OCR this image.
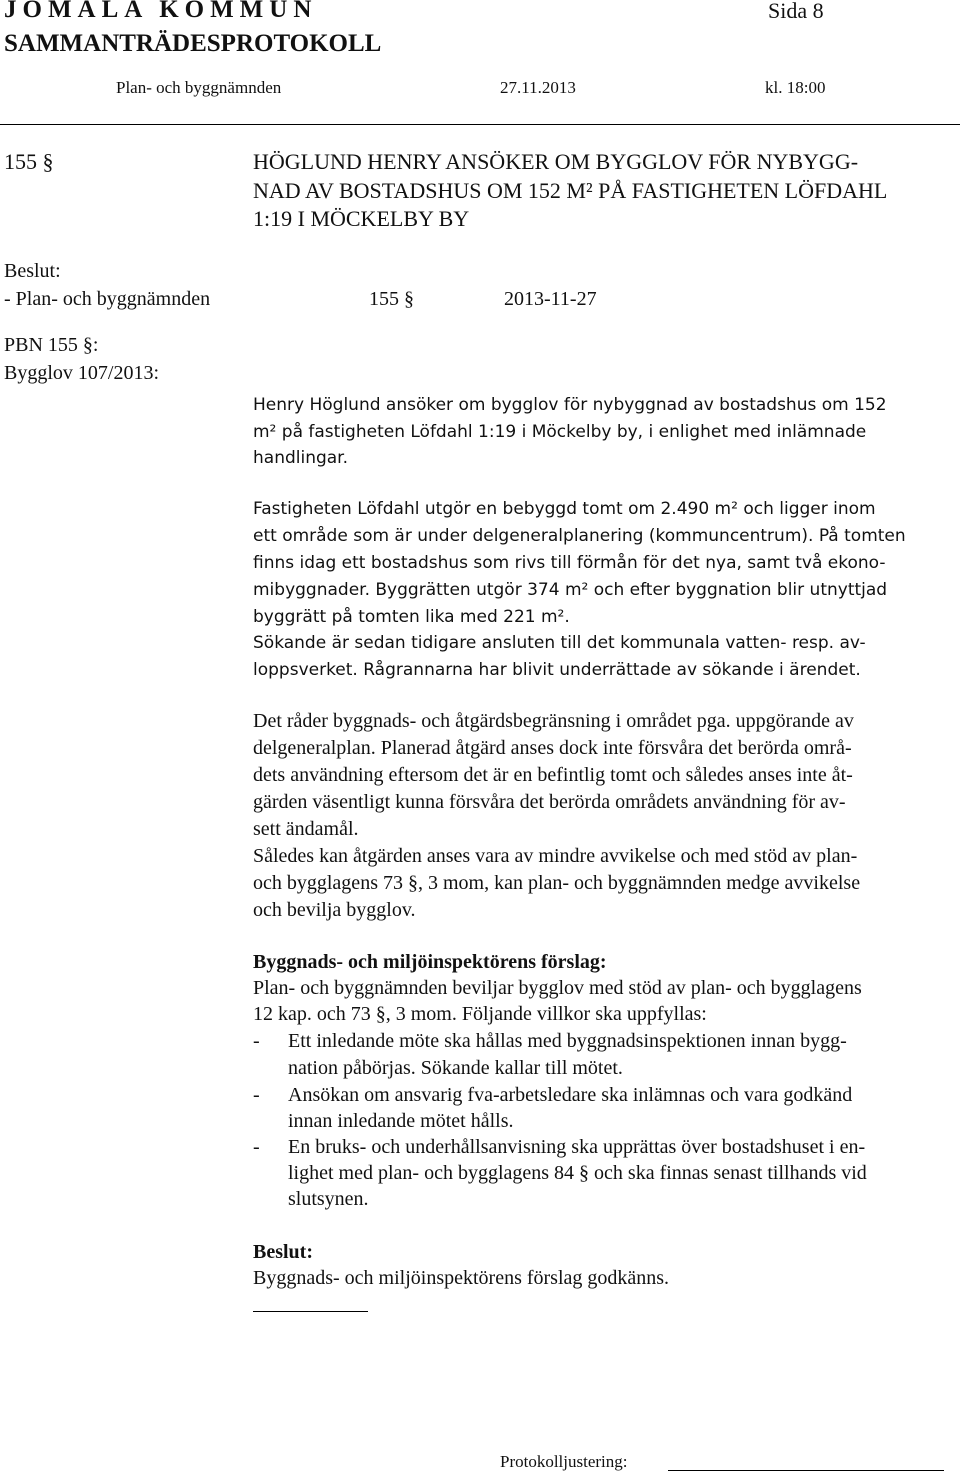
JOMALA KOMMUN
SAMMANTRÄDESPROTOKOLL
Sida 8
Plan- och byggnämnden	27.11.2013	kl. 18:00
155 §	HÖGLUND HENRY ANSÖKER OM BYGGLOV FÖR NYBYGG-
NAD AV BOSTADSHUS OM 152 M² PÅ FASTIGHETEN LÖFDAHL
1:19 I MÖCKELBY BY
Beslut:
- Plan- och byggnämnden	155 §	2013-11-27
PBN 155 §:
Bygglov 107/2013:
Henry Höglund ansöker om bygglov för nybyggnad av bostadshus om 152
m² på fastigheten Löfdahl 1:19 i Möckelby by, i enlighet med inlämnade
handlingar.
Fastigheten Löfdahl utgör en bebyggd tomt om 2.490 m² och ligger inom
ett område som är under delgeneralplanering (kommuncentrum). På tomten
finns idag ett bostadshus som rivs till förmån för det nya, samt två ekono-
mibyggnader. Byggrätten utgör 374 m² och efter byggnation blir utnyttjad
byggrätt på tomten lika med 221 m².
Sökande är sedan tidigare ansluten till det kommunala vatten- resp. av-
loppsverket. Rågrannarna har blivit underrättade av sökande i ärendet.
Det råder byggnads- och åtgärdsbegränsning i området pga. uppgörande av
delgeneralplan. Planerad åtgärd anses dock inte försvåra det berörda områ-
dets användning eftersom det är en befintlig tomt och således anses inte åt-
gärden väsentligt kunna försvåra det berörda områdets användning för av-
sett ändamål.
Således kan åtgärden anses vara av mindre avvikelse och med stöd av plan-
och bygglagens 73 §, 3 mom, kan plan- och byggnämnden medge avvikelse
och bevilja bygglov.
Byggnads- och miljöinspektörens förslag:
Plan- och byggnämnden beviljar bygglov med stöd av plan- och bygglagens
12 kap. och 73 §, 3 mom. Följande villkor ska uppfyllas:
- Ett inledande möte ska hållas med byggnadsinspektionen innan bygg-
nation påbörjas. Sökande kallar till mötet.
- Ansökan om ansvarig fva-arbetsledare ska inlämnas och vara godkänd
innan inledande mötet hålls.
- En bruks- och underhållsanvisning ska upprättas över bostadshuset i en-
lighet med plan- och bygglagens 84 § och ska finnas senast tillhands vid
slutsynen.
Beslut:
Byggnads- och miljöinspektörens förslag godkänns.
Protokolljustering:
